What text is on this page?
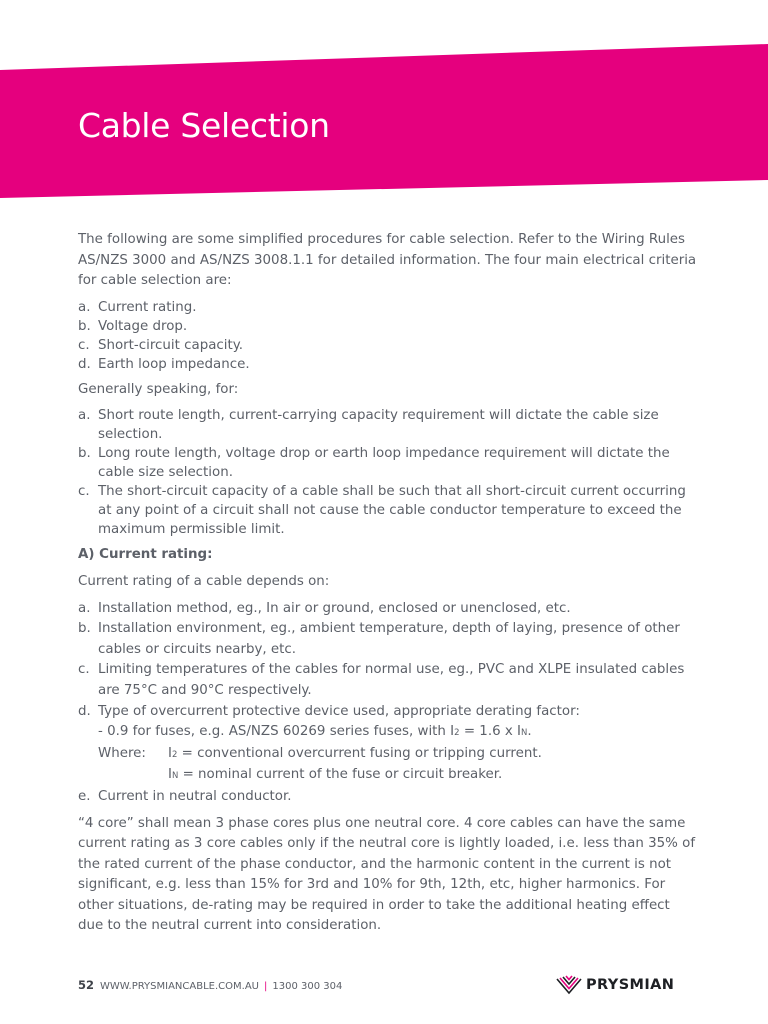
Cable Selection

The following are some simplified procedures for cable selection. Refer to the Wiring Rules AS/NZS 3000 and AS/NZS 3008.1.1 for detailed information. The four main electrical criteria for cable selection are:

a. Current rating.
b. Voltage drop.
c. Short-circuit capacity.
d. Earth loop impedance.

Generally speaking, for:

a. Short route length, current-carrying capacity requirement will dictate the cable size selection.
b. Long route length, voltage drop or earth loop impedance requirement will dictate the cable size selection.
c. The short-circuit capacity of a cable shall be such that all short-circuit current occurring at any point of a circuit shall not cause the cable conductor temperature to exceed the maximum permissible limit.

A) Current rating:

Current rating of a cable depends on:

a. Installation method, eg., In air or ground, enclosed or unenclosed, etc.
b. Installation environment, eg., ambient temperature, depth of laying, presence of other cables or circuits nearby, etc.
c. Limiting temperatures of the cables for normal use, eg., PVC and XLPE insulated cables are 75°C and 90°C respectively.
d. Type of overcurrent protective device used, appropriate derating factor:
- 0.9 for fuses, e.g. AS/NZS 60269 series fuses, with I2 = 1.6 x IN.
Where:	I2 = conventional overcurrent fusing or tripping current.
IN = nominal current of the fuse or circuit breaker.
e. Current in neutral conductor.

“4 core” shall mean 3 phase cores plus one neutral core. 4 core cables can have the same current rating as 3 core cables only if the neutral core is lightly loaded, i.e. less than 35% of the rated current of the phase conductor, and the harmonic content in the current is not significant, e.g. less than 15% for 3rd and 10% for 9th, 12th, etc, higher harmonics. For other situations, de-rating may be required in order to take the additional heating effect due to the neutral current into consideration.

52 WWW.PRYSMIANCABLE.COM.AU | 1300 300 304	PRYSMIAN
